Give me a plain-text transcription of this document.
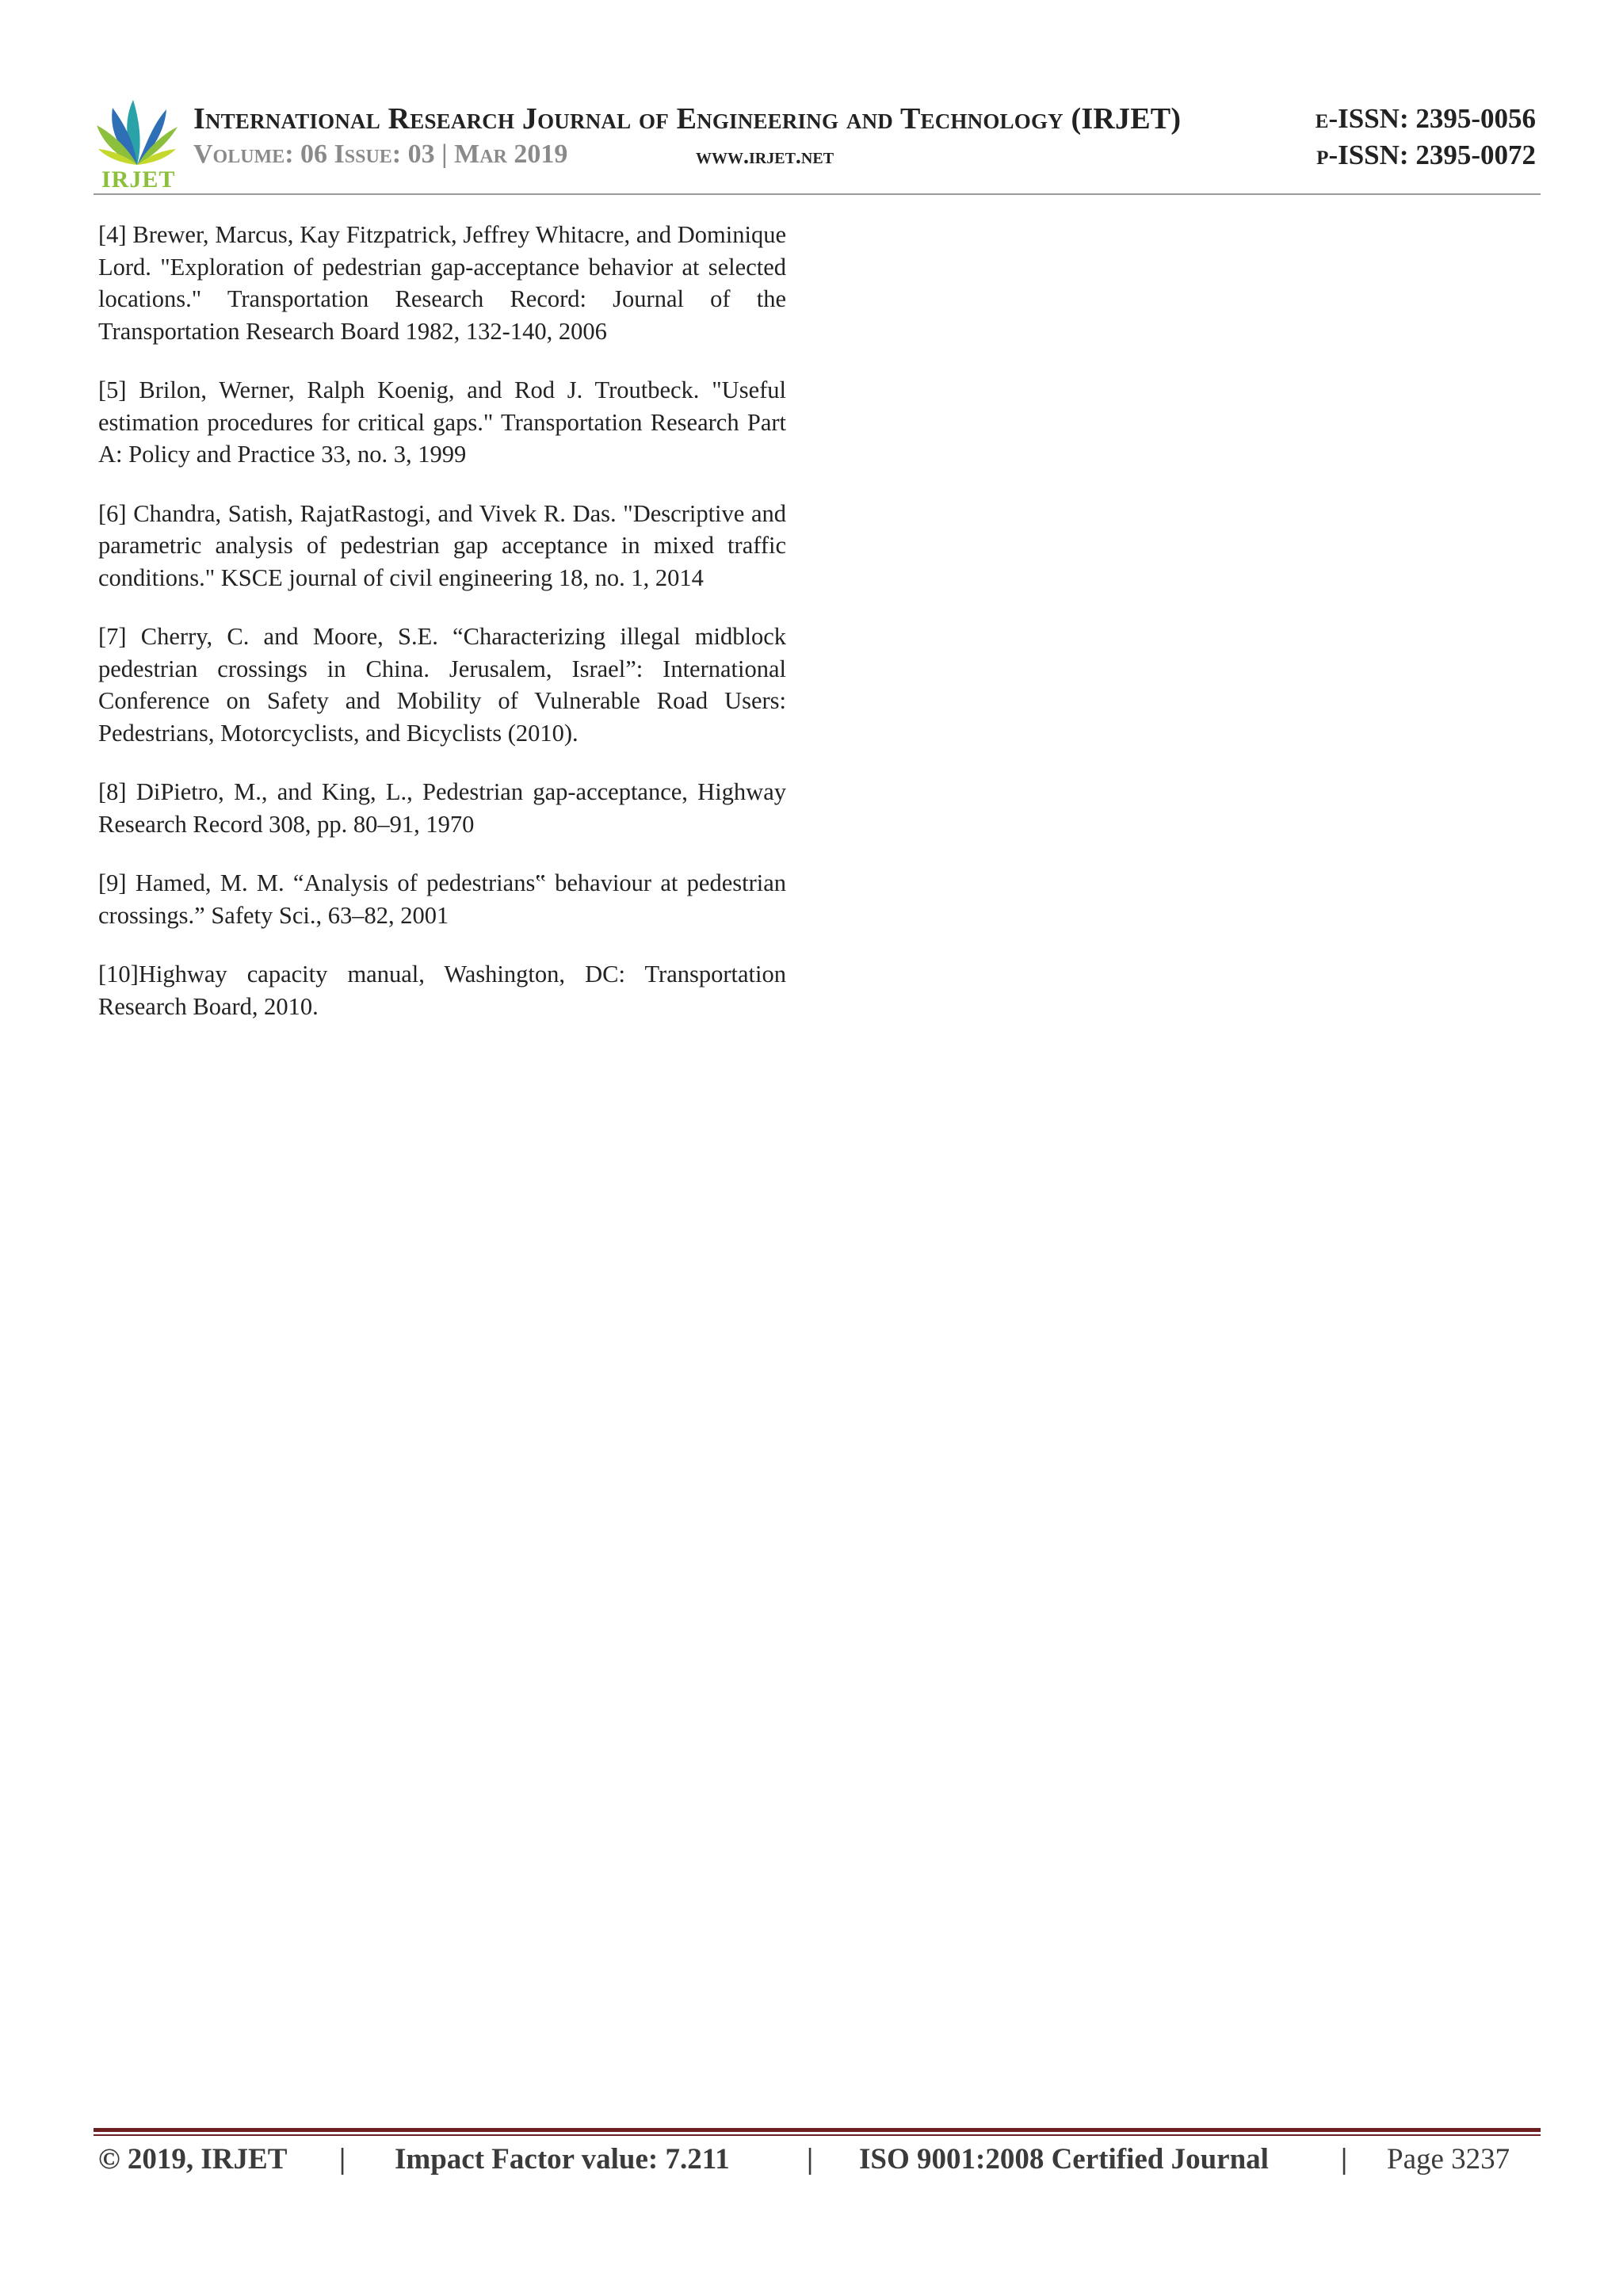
IRJET
International Research Journal of Engineering and Technology (IRJET)	e-ISSN: 2395-0056
Volume: 06 Issue: 03 | Mar 2019	www.irjet.net	p-ISSN: 2395-0072

[4] Brewer, Marcus, Kay Fitzpatrick, Jeffrey Whitacre, and Dominique Lord. "Exploration of pedestrian gap-acceptance behavior at selected locations." Transportation Research Record: Journal of the Transportation Research Board 1982, 132-140, 2006

[5] Brilon, Werner, Ralph Koenig, and Rod J. Troutbeck. "Useful estimation procedures for critical gaps." Transportation Research Part A: Policy and Practice 33, no. 3, 1999

[6] Chandra, Satish, RajatRastogi, and Vivek R. Das. "Descriptive and parametric analysis of pedestrian gap acceptance in mixed traffic conditions." KSCE journal of civil engineering 18, no. 1, 2014

[7] Cherry, C. and Moore, S.E. “Characterizing illegal midblock pedestrian crossings in China. Jerusalem, Israel”: International Conference on Safety and Mobility of Vulnerable Road Users: Pedestrians, Motorcyclists, and Bicyclists (2010).

[8] DiPietro, M., and King, L., Pedestrian gap-acceptance, Highway Research Record 308, pp. 80–91, 1970

[9] Hamed, M. M. “Analysis of pedestrians‟ behaviour at pedestrian crossings.” Safety Sci., 63–82, 2001

[10]Highway capacity manual, Washington, DC: Transportation Research Board, 2010.

© 2019, IRJET | Impact Factor value: 7.211	| ISO 9001:2008 Certified Journal | Page 3237
